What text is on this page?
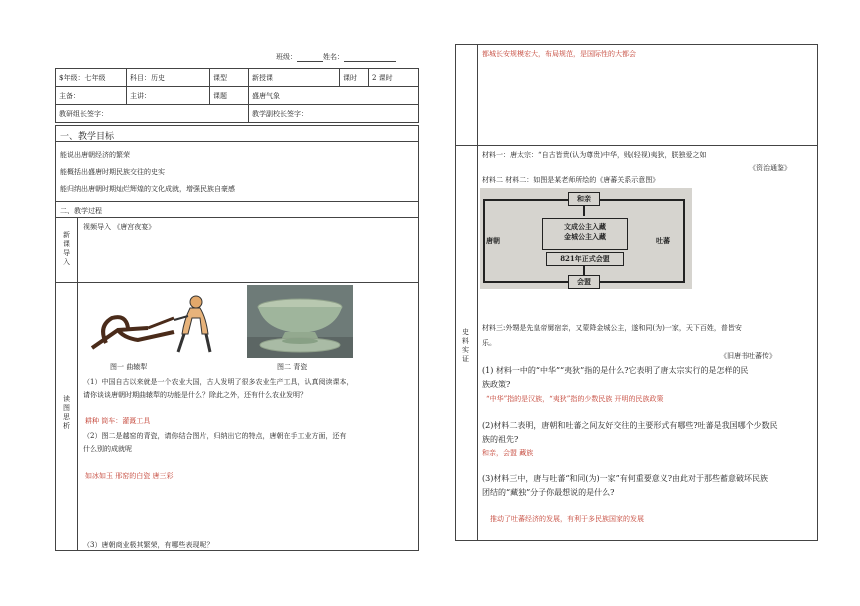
班级：	姓名：
$年级：七年级	科目：历史	课型	新授课	课时	2 课时
主备：	主讲：	课题	盛唐气象		
教研组长签字：			教学副校长签字：		
一、教学目标
能说出唐朝经济的繁荣
能概括出盛唐时期民族交往的史实
能归纳出唐朝时期灿烂辉煌的文化成就，增强民族自豪感
二、教学过程
新
课
导
入
视频导入 《唐宫夜宴》
读
图
思
析
图一 曲辕犁	图二 青瓷
（1）中国自古以来就是一个农业大国，古人发明了很多农业生产工具，认真阅读课本，
请你谈谈唐朝时期曲辕犁的功能是什么？除此之外，还有什么农业发明？
耕种 筒车：灌溉工具
（2）图二是越窑的青瓷，请你结合图片，归纳出它的特点，唐朝在手工业方面，还有
什么别的成就呢
如冰如玉 邢窑的白瓷 唐三彩
（3）唐朝商业极其繁荣，有哪些表现呢？
都城长安规模宏大，布局规范，是国际性的大都会
史
料
实
证
材料一：唐太宗：“自古皆贵(认为尊贵)中华，贱(轻视)夷狄，朕独爱之如
《资治通鉴》
材料二 材料二：如图是某老师所绘的《唐蕃关系示意图》
和亲
文成公主入藏
金城公主入藏
821年正式会盟
会盟
唐朝	吐蕃
材料三:外甥是先皇帝舅宿亲，又蒙降金城公主，遂和同(为)一家，天下百姓，普皆安
乐。
《旧唐书吐蕃传》
(1) 材料一中的“中华”“夷狄”指的是什么?它表明了唐太宗实行的是怎样的民
族政策?
“中华”指的是汉族，“夷狄”指的少数民族 开明的民族政策
(2)材料二表明，唐朝和吐蕃之间友好交往的主要形式有哪些?吐蕃是我国哪个少数民
族的祖先?
和亲，会盟 藏族
(3)材料三中，唐与吐蕃“和同(为)一家”有何重要意义?由此对于那些蓄意破坏民族
团结的“藏独”分子你最想说的是什么?
推动了吐蕃经济的发展，有利于多民族国家的发展
